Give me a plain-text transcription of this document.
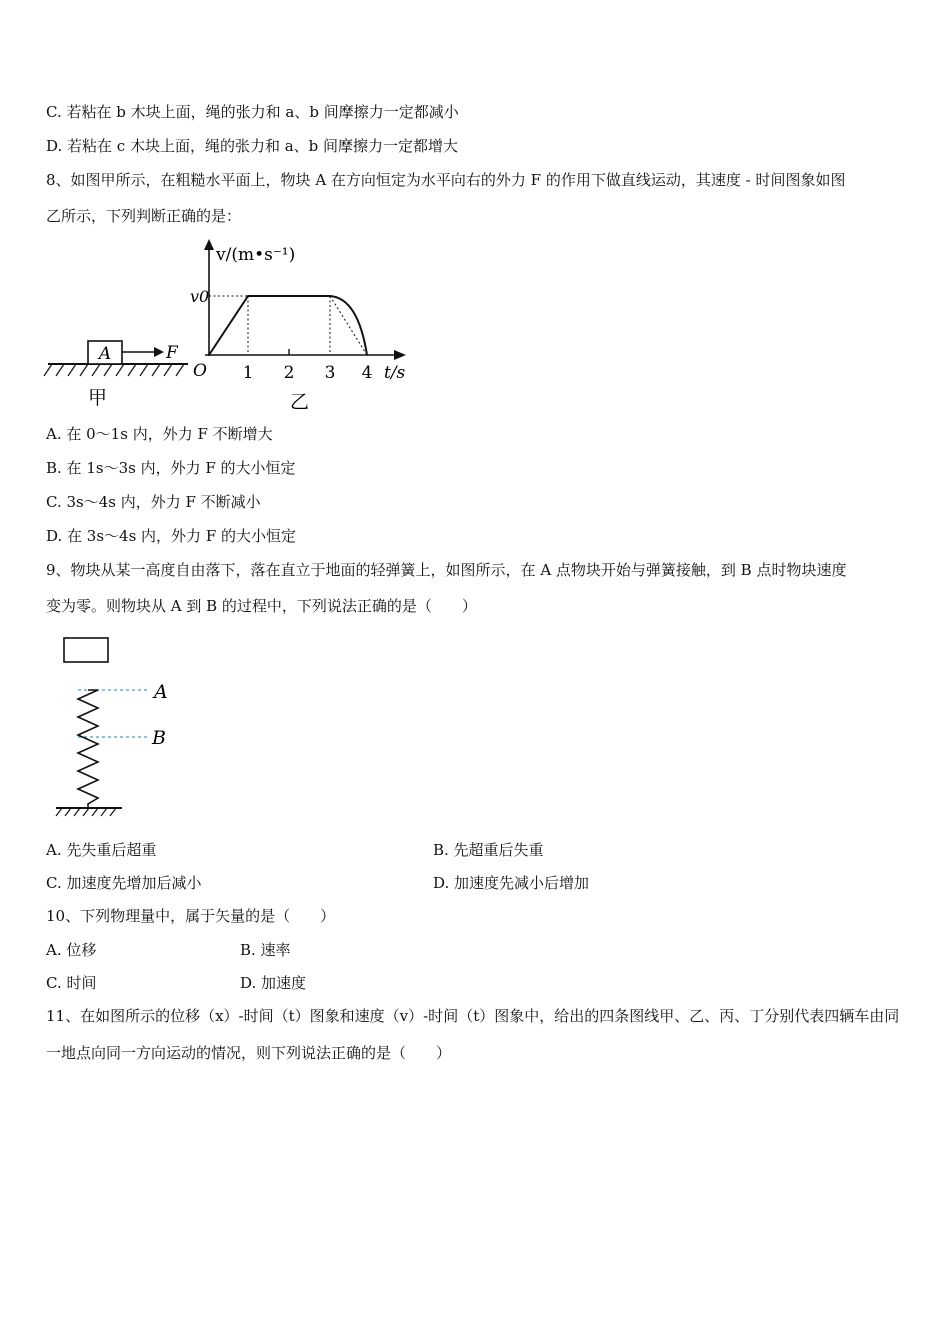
C. 若粘在 b 木块上面，绳的张力和 a、b 间摩擦力一定都减小
D. 若粘在 c 木块上面，绳的张力和 a、b 间摩擦力一定都增大
8、如图甲所示，在粗糙水平面上，物块 A 在方向恒定为水平向右的外力 F 的作用下做直线运动，其速度 - 时间图象如图
乙所示，下列判断正确的是：
A	F
甲
v/(m•s⁻¹)
v0
O 1 2 3 4 t/s
乙
A. 在 0～1s 内，外力 F 不断增大
B. 在 1s～3s 内，外力 F 的大小恒定
C. 3s～4s 内，外力 F 不断减小
D. 在 3s～4s 内，外力 F 的大小恒定
9、物块从某一高度自由落下，落在直立于地面的轻弹簧上，如图所示，在 A 点物块开始与弹簧接触，到 B 点时物块速度
变为零。则物块从 A 到 B 的过程中，下列说法正确的是（　　）
A
B
A. 先失重后超重	B. 先超重后失重
C. 加速度先增加后减小	D. 加速度先减小后增加
10、下列物理量中，属于矢量的是（　　）
A. 位移	B. 速率
C. 时间	D. 加速度
11、在如图所示的位移（x）-时间（t）图象和速度（v）-时间（t）图象中，给出的四条图线甲、乙、丙、丁分别代表四辆车由同
一地点向同一方向运动的情况，则下列说法正确的是（　　）
